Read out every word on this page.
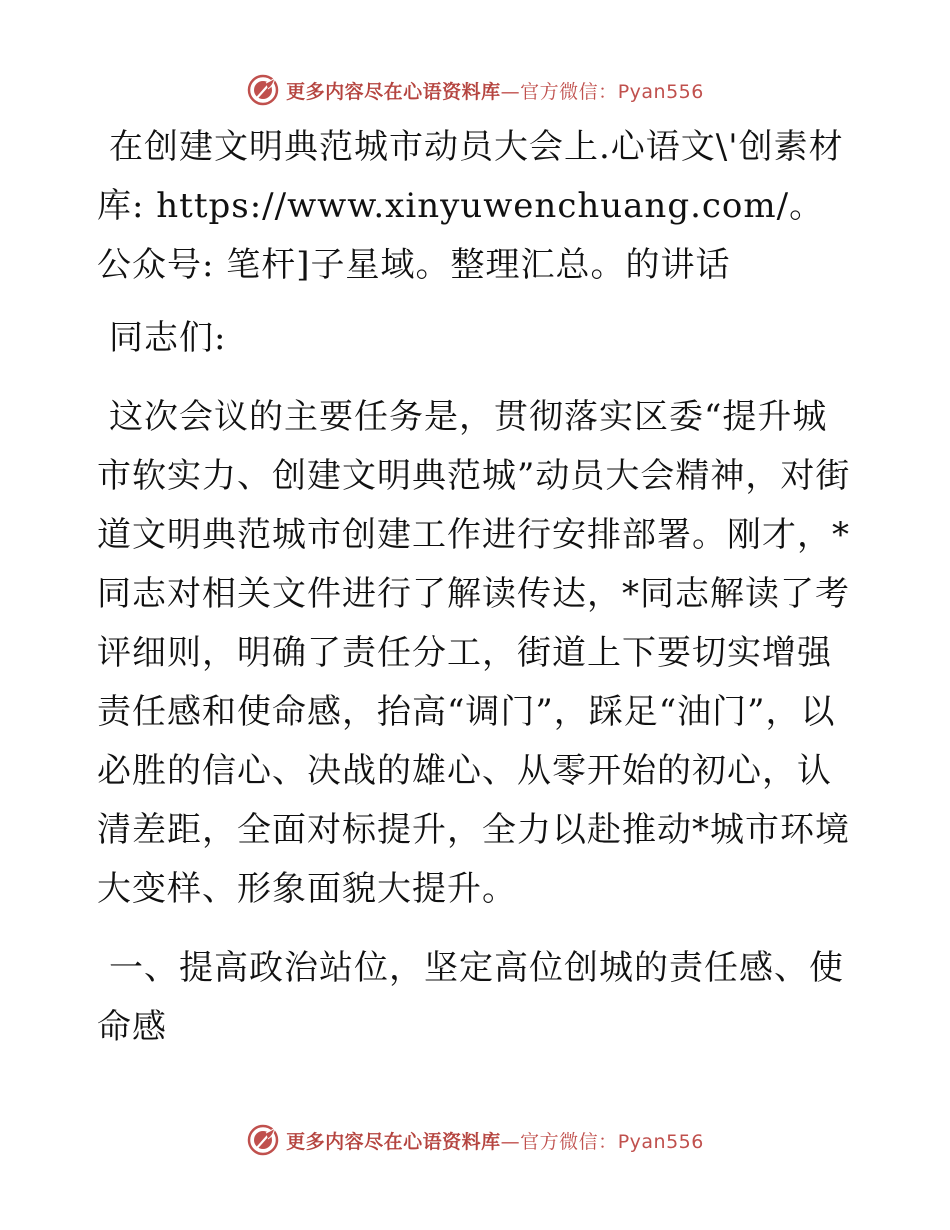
更多内容尽在心语资料库—官方微信：Pyan556

在创建文明典范城市动员大会上.心语文\'创素材库: https://www.xinyuwenchuang.com/。公众号: 笔杆]子星域。整理汇总。的讲话

同志们:

这次会议的主要任务是，贯彻落实区委“提升城市软实力、创建文明典范城”动员大会精神，对街道文明典范城市创建工作进行安排部署。刚才，*同志对相关文件进行了解读传达，*同志解读了考评细则，明确了责任分工，街道上下要切实增强责任感和使命感，抬高“调门”，踩足“油门”，以必胜的信心、决战的雄心、从零开始的初心，认清差距，全面对标提升，全力以赴推动*城市环境大变样、形象面貌大提升。

一、提高政治站位，坚定高位创城的责任感、使命感

更多内容尽在心语资料库—官方微信：Pyan556
